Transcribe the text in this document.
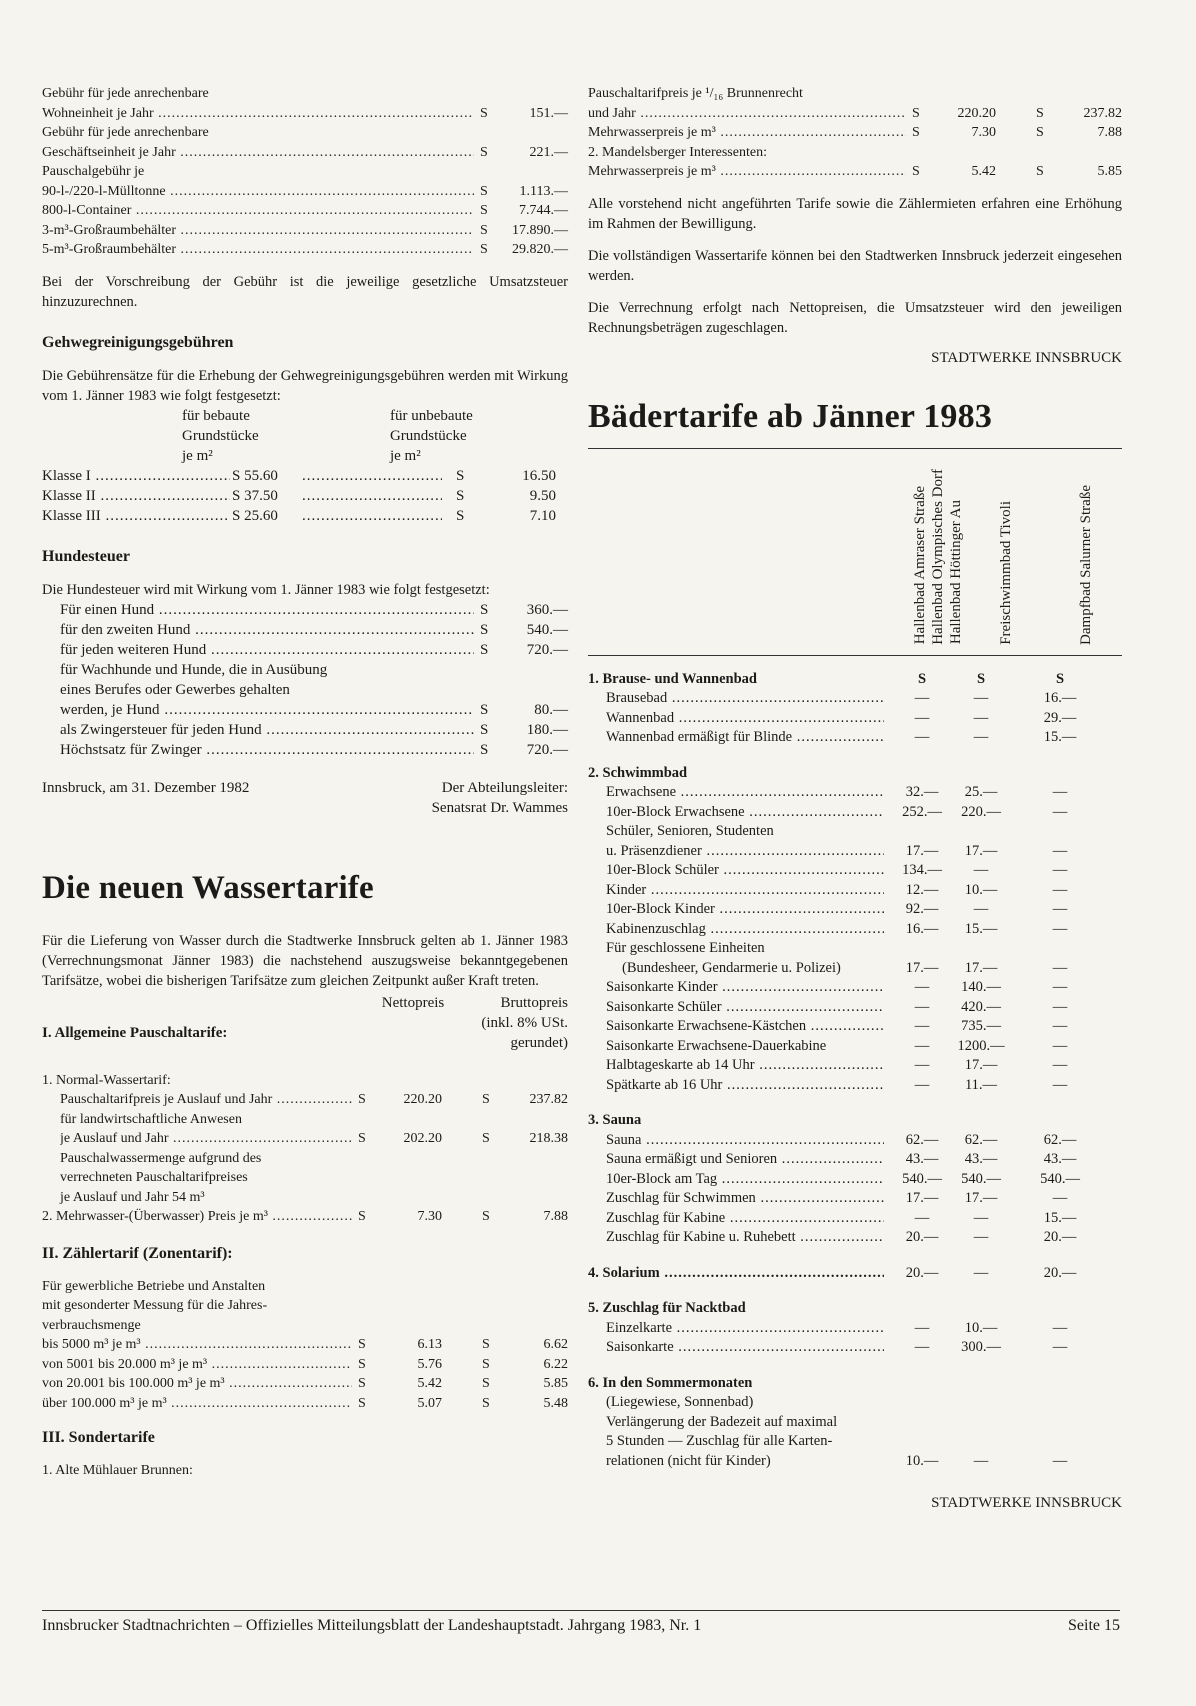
Gebühr für jede anrechenbare
Wohneinheit je Jahr .....	S	151.—
Gebühr für jede anrechenbare
Geschäftseinheit je Jahr .....	S	221.—
Pauschalgebühr je
90-l-/220-l-Mülltonne .....	S	1.113.—
800-l-Container .....	S	7.744.—
3-m³-Großraumbehälter .....	S	17.890.—
5-m³-Großraumbehälter .....	S	29.820.—
Bei der Vorschreibung der Gebühr ist die jeweilige gesetzliche Umsatzsteuer hinzuzurechnen.
Gehwegreinigungsgebühren
Die Gebührensätze für die Erhebung der Gehwegreinigungsgebühren werden mit Wirkung vom 1. Jänner 1983 wie folgt festgesetzt:
für bebaute
Grundstücke
je m²
für unbebaute
Grundstücke
je m²
Klasse I .....	S 55.60 .....	S	16.50
Klasse II .....	S 37.50 .....	S	9.50
Klasse III .....	S 25.60 .....	S	7.10
Hundesteuer
Die Hundesteuer wird mit Wirkung vom 1. Jänner 1983 wie folgt festgesetzt:
Für einen Hund .....	S	360.—
für den zweiten Hund .....	S	540.—
für jeden weiteren Hund .....	S	720.—
für Wachhunde und Hunde, die in Ausübung
eines Berufes oder Gewerbes gehalten
werden, je Hund .....	S	80.—
als Zwingersteuer für jeden Hund .....	S	180.—
Höchstsatz für Zwinger .....	S	720.—
Innsbruck, am 31. Dezember 1982	Der Abteilungsleiter:
Senatsrat Dr. Wammes
Die neuen Wassertarife
Für die Lieferung von Wasser durch die Stadtwerke Innsbruck gelten ab 1. Jänner 1983 (Verrechnungsmonat Jänner 1983) die nachstehend auszugsweise bekanntgegebenen Tarifsätze, wobei die bisherigen Tarifsätze zum gleichen Zeitpunkt außer Kraft treten.
I. Allgemeine Pauschaltarife:
Nettopreis	Bruttopreis
(inkl. 8% USt.
gerundet)
1. Normal-Wassertarif:
Pauschaltarifpreis je Auslauf und Jahr .....	S	220.20	S	237.82
für landwirtschaftliche Anwesen
je Auslauf und Jahr .....	S	202.20	S	218.38
Pauschalwassermenge aufgrund des
verrechneten Pauschaltarifpreises
je Auslauf und Jahr 54 m³
2. Mehrwasser-(Überwasser) Preis je m³ .....	S	7.30	S	7.88
II. Zählertarif (Zonentarif):
Für gewerbliche Betriebe und Anstalten
mit gesonderter Messung für die Jahres-
verbrauchsmenge
bis 5000 m³ je m³ .....	S	6.13	S	6.62
von 5001 bis 20.000 m³ je m³ .....	S	5.76	S	6.22
von 20.001 bis 100.000 m³ je m³ .....	S	5.42	S	5.85
über 100.000 m³ je m³ .....	S	5.07	S	5.48
III. Sondertarife
1. Alte Mühlauer Brunnen:
Pauschaltarifpreis je ¹/₁₆ Brunnenrecht
und Jahr .....	S	220.20	S	237.82
Mehrwasserpreis je m³ .....	S	7.30	S	7.88
2. Mandelsberger Interessenten:
Mehrwasserpreis je m³ .....	S	5.42	S	5.85
Alle vorstehend nicht angeführten Tarife sowie die Zählermieten erfahren eine Erhöhung im Rahmen der Bewilligung.
Die vollständigen Wassertarife können bei den Stadtwerken Innsbruck jederzeit eingesehen werden.
Die Verrechnung erfolgt nach Nettopreisen, die Umsatzsteuer wird den jeweiligen Rechnungsbeträgen zugeschlagen.
STADTWERKE INNSBRUCK
Bädertarife ab Jänner 1983
Hallenbad Amraser Straße Hallenbad Olympisches Dorf Hallenbad Höttinger Au Freischwimmbad Tivoli	Dampfbad Salurner Straße
1. Brause- und Wannenbad	S	S	S
Brausebad .....	—	—	16.—
Wannenbad .....	—	—	29.—
Wannenbad ermäßigt für Blinde .....	—	—	15.—
2. Schwimmbad
Erwachsene .....	32.—	25.—	—
10er-Block Erwachsene .....	252.—	220.—	—
Schüler, Senioren, Studenten
u. Präsenzdiener .....	17.—	17.—	—
10er-Block Schüler .....	134.—	—	—
Kinder .....	12.—	10.—	—
10er-Block Kinder .....	92.—	—	—
Kabinenzuschlag .....	16.—	15.—	—
Für geschlossene Einheiten
(Bundesheer, Gendarmerie u. Polizei)	17.—	17.—	—
Saisonkarte Kinder .....	—	140.—	—
Saisonkarte Schüler .....	—	420.—	—
Saisonkarte Erwachsene-Kästchen .....	—	735.—	—
Saisonkarte Erwachsene-Dauerkabine	—	1200.—	—
Halbtageskarte ab 14 Uhr .....	—	17.—	—
Spätkarte ab 16 Uhr .....	—	11.—	—
3. Sauna
Sauna .....	62.—	62.—	62.—
Sauna ermäßigt und Senioren .....	43.—	43.—	43.—
10er-Block am Tag .....	540.—	540.—	540.—
Zuschlag für Schwimmen .....	17.—	17.—	—
Zuschlag für Kabine .....	—	—	15.—
Zuschlag für Kabine u. Ruhebett .....	20.—	—	20.—
4. Solarium .....	20.—	—	20.—
5. Zuschlag für Nacktbad
Einzelkarte .....	—	10.—	—
Saisonkarte .....	—	300.—	—
6. In den Sommermonaten
(Liegewiese, Sonnenbad)
Verlängerung der Badezeit auf maximal
5 Stunden — Zuschlag für alle Karten-
relationen (nicht für Kinder)	10.—	—	—
STADTWERKE INNSBRUCK
Innsbrucker Stadtnachrichten – Offizielles Mitteilungsblatt der Landeshauptstadt. Jahrgang 1983, Nr. 1	Seite 15
